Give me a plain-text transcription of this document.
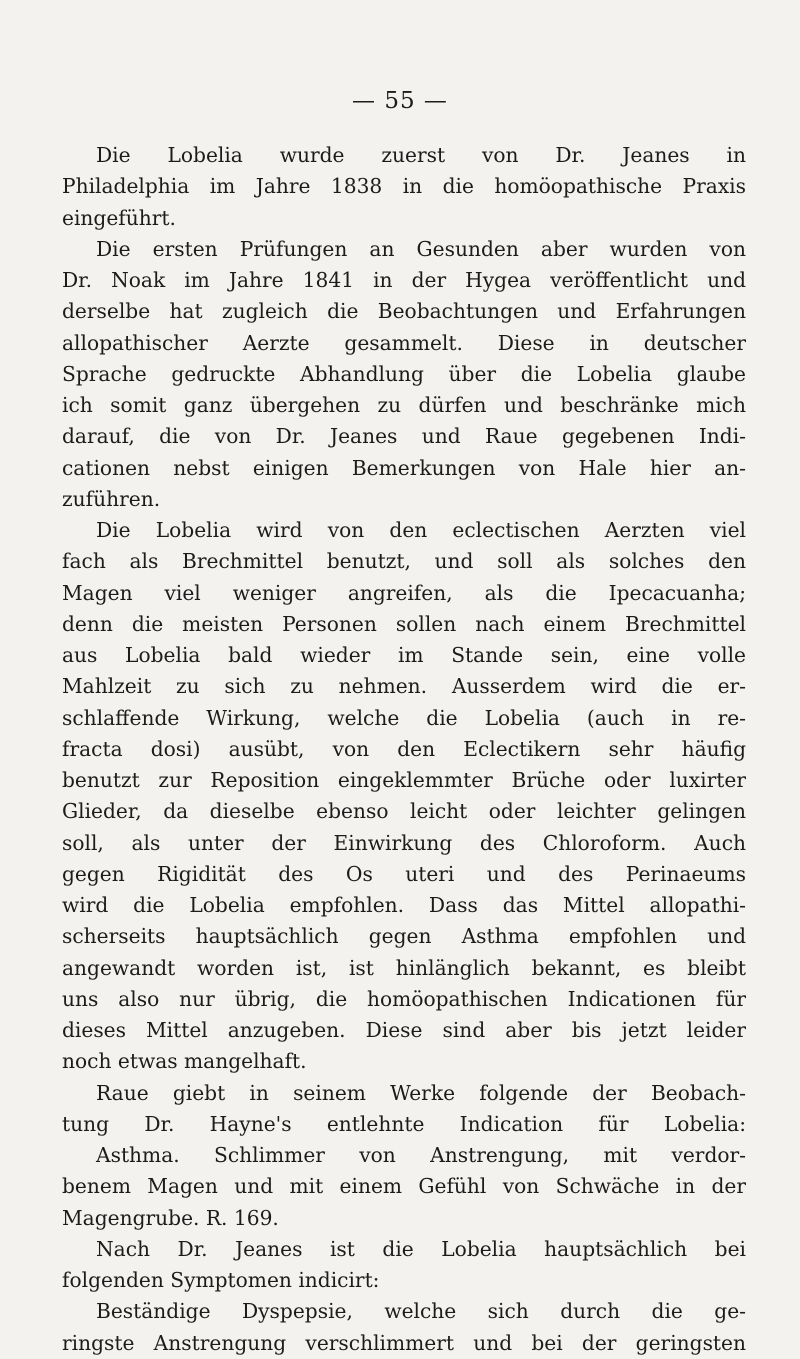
— 55 —
Die Lobelia wurde zuerst von Dr. Jeanes in
Philadelphia im Jahre 1838 in die homöopathische Praxis
eingeführt.
Die ersten Prüfungen an Gesunden aber wurden von
Dr. Noak im Jahre 1841 in der Hygea veröffentlicht und
derselbe hat zugleich die Beobachtungen und Erfahrungen
allopathischer Aerzte gesammelt. Diese in deutscher
Sprache gedruckte Abhandlung über die Lobelia glaube
ich somit ganz übergehen zu dürfen und beschränke mich
darauf, die von Dr. Jeanes und Raue gegebenen Indi-
cationen nebst einigen Bemerkungen von Hale hier an-
zuführen.
Die Lobelia wird von den eclectischen Aerzten viel
fach als Brechmittel benutzt, und soll als solches den
Magen viel weniger angreifen, als die Ipecacuanha;
denn die meisten Personen sollen nach einem Brechmittel
aus Lobelia bald wieder im Stande sein, eine volle
Mahlzeit zu sich zu nehmen. Ausserdem wird die er-
schlaffende Wirkung, welche die Lobelia (auch in re-
fracta dosi) ausübt, von den Eclectikern sehr häufig
benutzt zur Reposition eingeklemmter Brüche oder luxirter
Glieder, da dieselbe ebenso leicht oder leichter gelingen
soll, als unter der Einwirkung des Chloroform. Auch
gegen Rigidität des Os uteri und des Perinaeums
wird die Lobelia empfohlen. Dass das Mittel allopathi-
scherseits hauptsächlich gegen Asthma empfohlen und
angewandt worden ist, ist hinlänglich bekannt, es bleibt
uns also nur übrig, die homöopathischen Indicationen für
dieses Mittel anzugeben. Diese sind aber bis jetzt leider
noch etwas mangelhaft.
Raue giebt in seinem Werke folgende der Beobach-
tung Dr. Hayne's entlehnte Indication für Lobelia:
Asthma. Schlimmer von Anstrengung, mit verdor-
benem Magen und mit einem Gefühl von Schwäche in der
Magengrube. R. 169.
Nach Dr. Jeanes ist die Lobelia hauptsächlich bei
folgenden Symptomen indicirt:
Beständige Dyspepsie, welche sich durch die ge-
ringste Anstrengung verschlimmert und bei der geringsten
